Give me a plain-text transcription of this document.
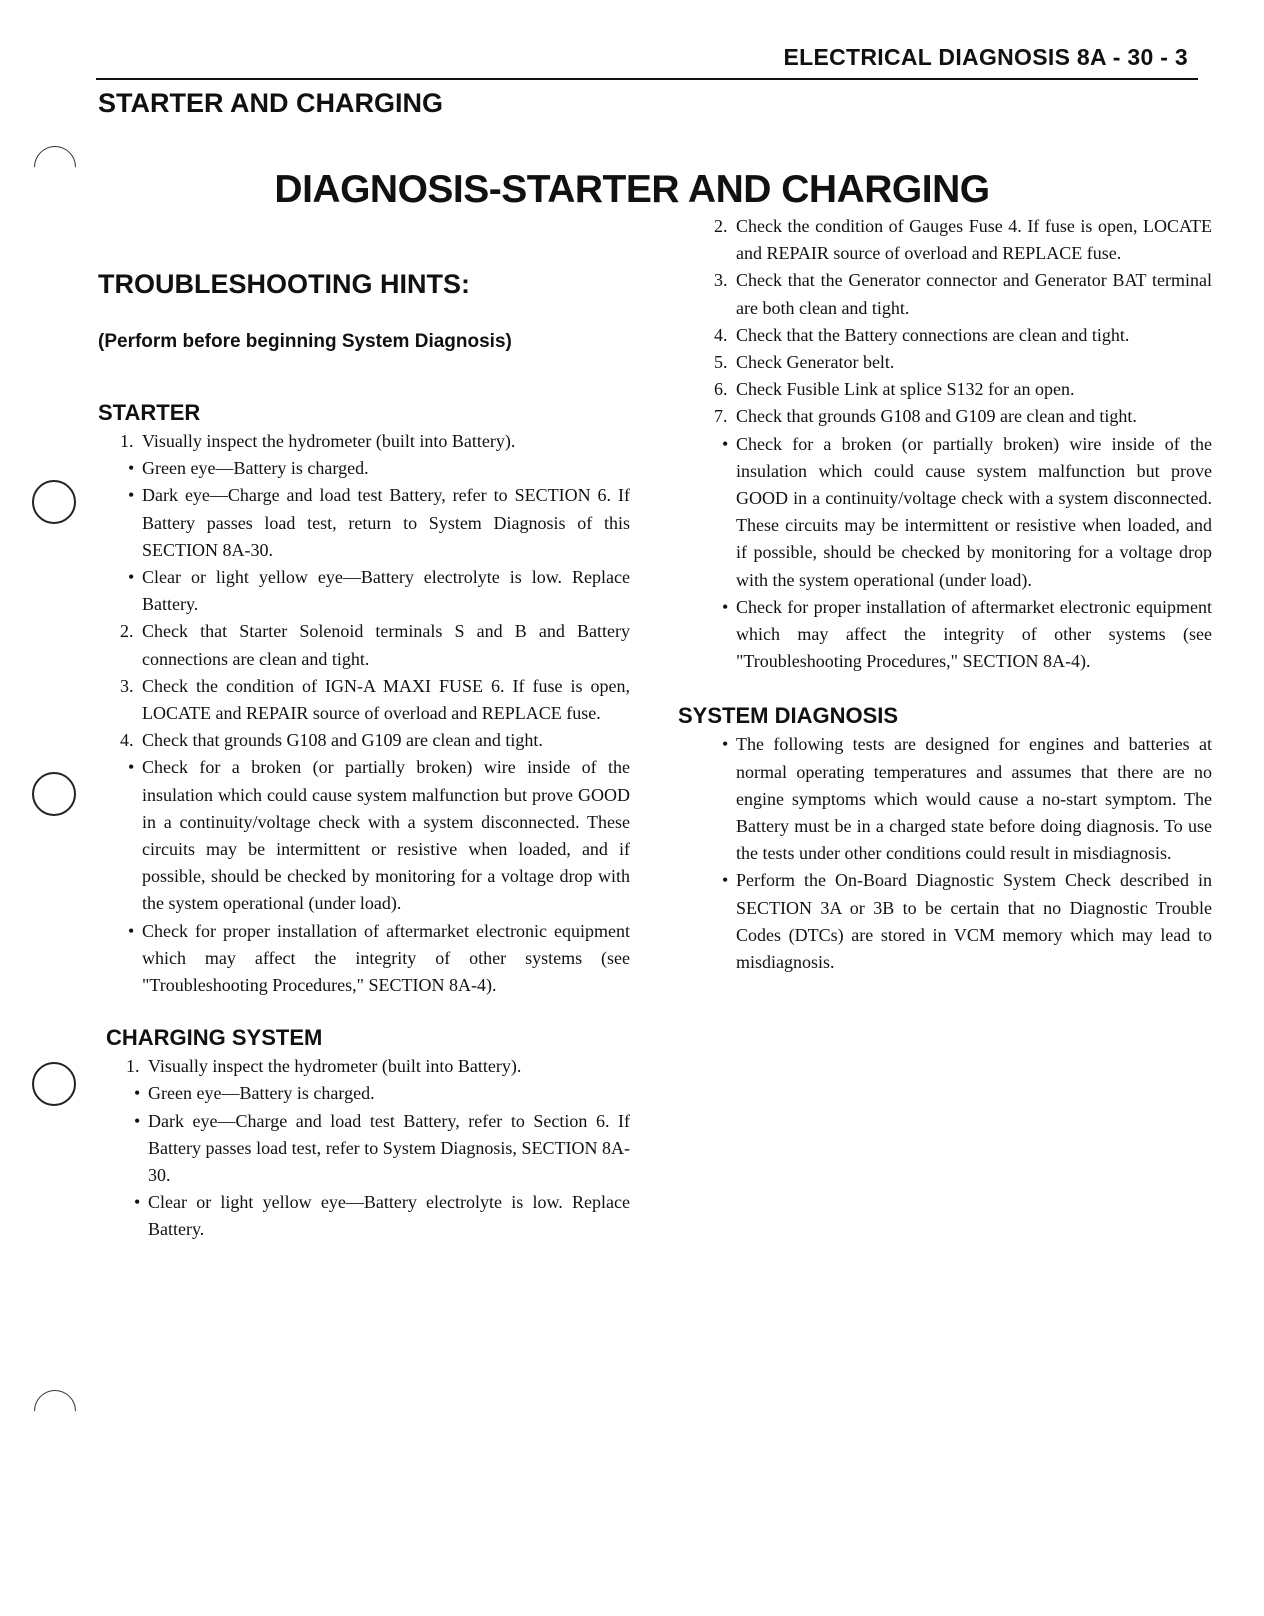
ELECTRICAL DIAGNOSIS 8A - 30 - 3
STARTER AND CHARGING
DIAGNOSIS-STARTER AND CHARGING
TROUBLESHOOTING HINTS:
(Perform before beginning System Diagnosis)
STARTER
1. Visually inspect the hydrometer (built into Battery).
• Green eye—Battery is charged.
• Dark eye—Charge and load test Battery, refer to SECTION 6. If Battery passes load test, return to System Diagnosis of this SECTION 8A-30.
• Clear or light yellow eye—Battery electrolyte is low. Replace Battery.
2. Check that Starter Solenoid terminals S and B and Battery connections are clean and tight.
3. Check the condition of IGN-A MAXI FUSE 6. If fuse is open, LOCATE and REPAIR source of overload and REPLACE fuse.
4. Check that grounds G108 and G109 are clean and tight.
• Check for a broken (or partially broken) wire inside of the insulation which could cause system malfunction but prove GOOD in a continuity/voltage check with a system disconnected. These circuits may be intermittent or resistive when loaded, and if possible, should be checked by monitoring for a voltage drop with the system operational (under load).
• Check for proper installation of aftermarket electronic equipment which may affect the integrity of other systems (see "Troubleshooting Procedures," SECTION 8A-4).
CHARGING SYSTEM
1. Visually inspect the hydrometer (built into Battery).
• Green eye—Battery is charged.
• Dark eye—Charge and load test Battery, refer to Section 6. If Battery passes load test, refer to System Diagnosis, SECTION 8A-30.
• Clear or light yellow eye—Battery electrolyte is low. Replace Battery.
2. Check the condition of Gauges Fuse 4. If fuse is open, LOCATE and REPAIR source of overload and REPLACE fuse.
3. Check that the Generator connector and Generator BAT terminal are both clean and tight.
4. Check that the Battery connections are clean and tight.
5. Check Generator belt.
6. Check Fusible Link at splice S132 for an open.
7. Check that grounds G108 and G109 are clean and tight.
• Check for a broken (or partially broken) wire inside of the insulation which could cause system malfunction but prove GOOD in a continuity/voltage check with a system disconnected. These circuits may be intermittent or resistive when loaded, and if possible, should be checked by monitoring for a voltage drop with the system operational (under load).
• Check for proper installation of aftermarket electronic equipment which may affect the integrity of other systems (see "Troubleshooting Procedures," SECTION 8A-4).
SYSTEM DIAGNOSIS
• The following tests are designed for engines and batteries at normal operating temperatures and assumes that there are no engine symptoms which would cause a no-start symptom. The Battery must be in a charged state before doing diagnosis. To use the tests under other conditions could result in misdiagnosis.
• Perform the On-Board Diagnostic System Check described in SECTION 3A or 3B to be certain that no Diagnostic Trouble Codes (DTCs) are stored in VCM memory which may lead to misdiagnosis.
